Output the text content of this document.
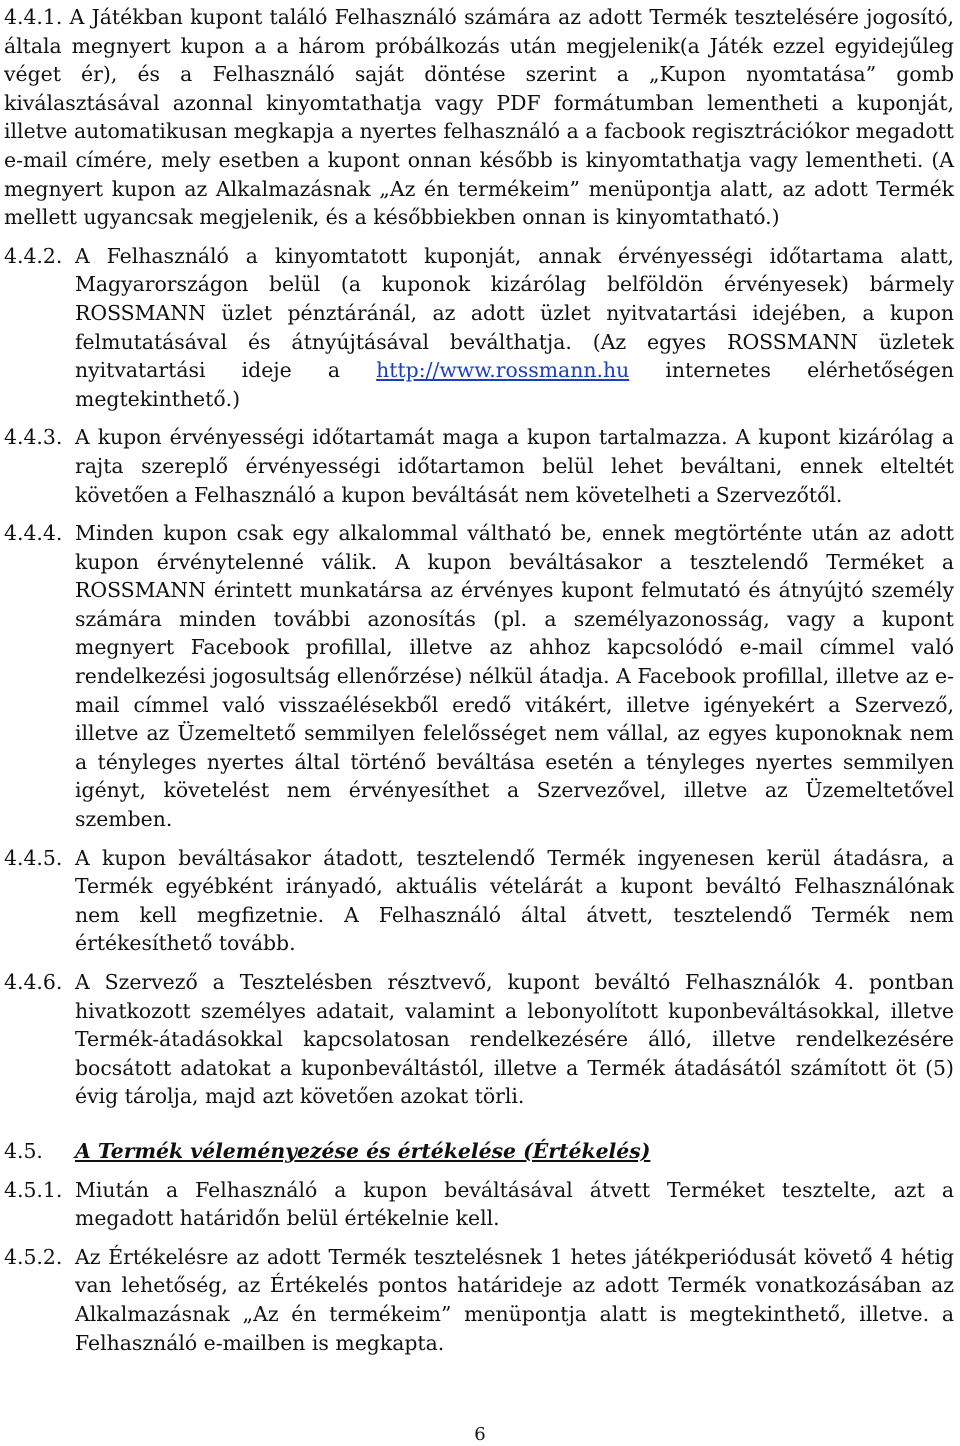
4.4.1. A Játékban kupont találó Felhasználó számára az adott Termék tesztelésére jogosító, általa megnyert kupon a a három próbálkozás után megjelenik(a Játék ezzel egyidejűleg véget ér), és a Felhasználó saját döntése szerint a „Kupon nyomtatása” gomb kiválasztásával azonnal kinyomtathatja vagy PDF formátumban lementheti a kuponját, illetve automatikusan megkapja a nyertes felhasználó a a facbook regisztrációkor megadott e-mail címére, mely esetben a kupont onnan később is kinyomtathatja vagy lementheti. (A megnyert kupon az Alkalmazásnak „Az én termékeim” menüpontja alatt, az adott Termék mellett ugyancsak megjelenik, és a későbbiekben onnan is kinyomtatható.)

4.4.2. A Felhasználó a kinyomtatott kuponját, annak érvényességi időtartama alatt, Magyarországon belül (a kuponok kizárólag belföldön érvényesek) bármely ROSSMANN üzlet pénztáránál, az adott üzlet nyitvatartási idejében, a kupon felmutatásával és átnyújtásával beválthatja. (Az egyes ROSSMANN üzletek nyitvatartási ideje a http://www.rossmann.hu internetes elérhetőségen megtekinthető.)

4.4.3. A kupon érvényességi időtartamát maga a kupon tartalmazza. A kupont kizárólag a rajta szereplő érvényességi időtartamon belül lehet beváltani, ennek elteltét követően a Felhasználó a kupon beváltását nem követelheti a Szervezőtől.

4.4.4. Minden kupon csak egy alkalommal váltható be, ennek megtörténte után az adott kupon érvénytelenné válik. A kupon beváltásakor a tesztelendő Terméket a ROSSMANN érintett munkatársa az érvényes kupont felmutató és átnyújtó személy számára minden további azonosítás (pl. a személyazonosság, vagy a kupont megnyert Facebook profillal, illetve az ahhoz kapcsolódó e-mail címmel való rendelkezési jogosultság ellenőrzése) nélkül átadja. A Facebook profillal, illetve az e-mail címmel való visszaélésekből eredő vitákért, illetve igényekért a Szervező, illetve az Üzemeltető semmilyen felelősséget nem vállal, az egyes kuponoknak nem a tényleges nyertes által történő beváltása esetén a tényleges nyertes semmilyen igényt, követelést nem érvényesíthet a Szervezővel, illetve az Üzemeltetővel szemben.

4.4.5. A kupon beváltásakor átadott, tesztelendő Termék ingyenesen kerül átadásra, a Termék egyébként irányadó, aktuális vételárát a kupont beváltó Felhasználónak nem kell megfizetnie. A Felhasználó által átvett, tesztelendő Termék nem értékesíthető tovább.

4.4.6. A Szervező a Tesztelésben résztvevő, kupont beváltó Felhasználók 4. pontban hivatkozott személyes adatait, valamint a lebonyolított kuponbeváltásokkal, illetve Termék-átadásokkal kapcsolatosan rendelkezésére álló, illetve rendelkezésére bocsátott adatokat a kuponbeváltástól, illetve a Termék átadásától számított öt (5) évig tárolja, majd azt követően azokat törli.

4.5. A Termék véleményezése és értékelése (Értékelés)

4.5.1. Miután a Felhasználó a kupon beváltásával átvett Terméket tesztelte, azt a megadott határidőn belül értékelnie kell.

4.5.2. Az Értékelésre az adott Termék tesztelésnek 1 hetes játékperiódusát követő 4 hétig van lehetőség, az Értékelés pontos határideje az adott Termék vonatkozásában az Alkalmazásnak „Az én termékeim” menüpontja alatt is megtekinthető, illetve. a Felhasználó e-mailben is megkapta.

6
